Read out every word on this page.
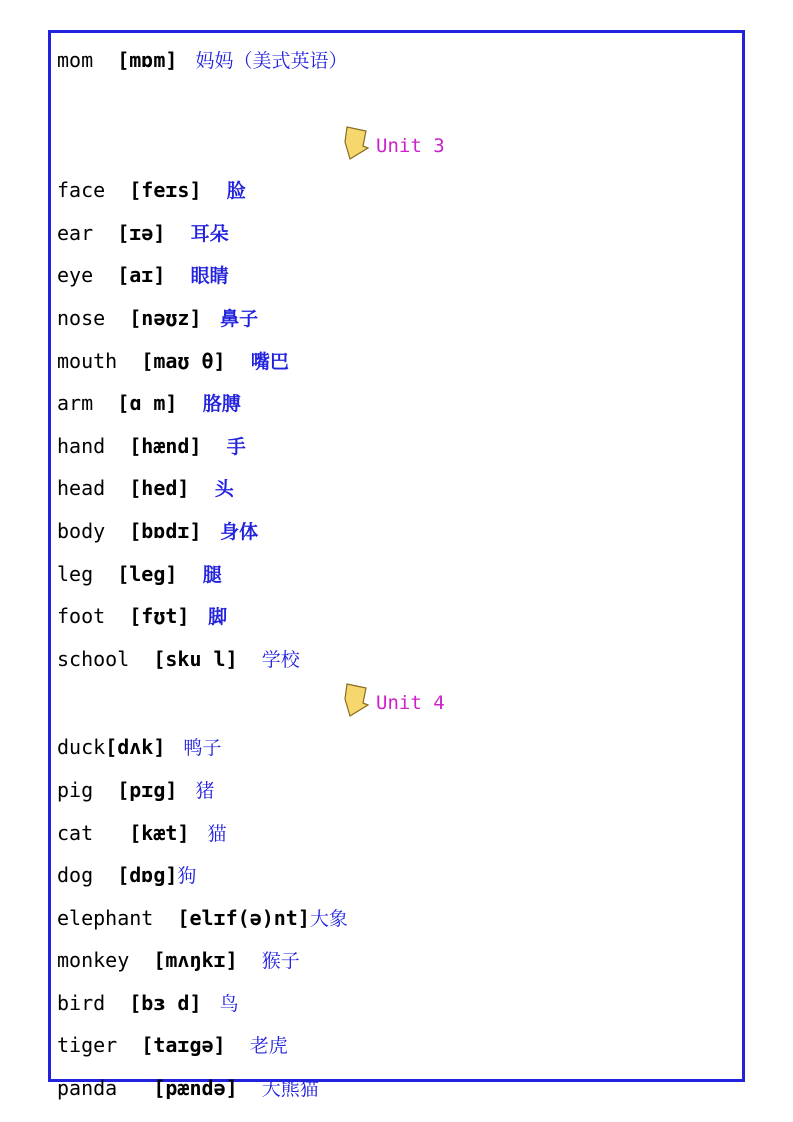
mom  [mɒm]  妈妈（美式英语）
Unit 3
face  [feɪs]   脸
ear  [ɪə]   耳朵
eye  [aɪ]   眼睛
nose  [nəʊz]  鼻子
mouth  [maʊ θ]   嘴巴
arm  [ɑ m]   胳膊
hand  [hænd]   手
head  [hed]   头
body  [bɒdɪ]  身体
leg  [leg]   腿
foot  [fʊt]  脚
school  [sku l]   学校
Unit 4
duck[dʌk]  鸭子
pig  [pɪg]  猪
cat   [kæt]  猫
dog  [dɒg]狗
elephant  [elɪf(ə)nt]大象
monkey  [mʌŋkɪ]   猴子
bird  [bɜ d]  鸟
tiger  [taɪgə]   老虎
panda   [pændə]   大熊猫
